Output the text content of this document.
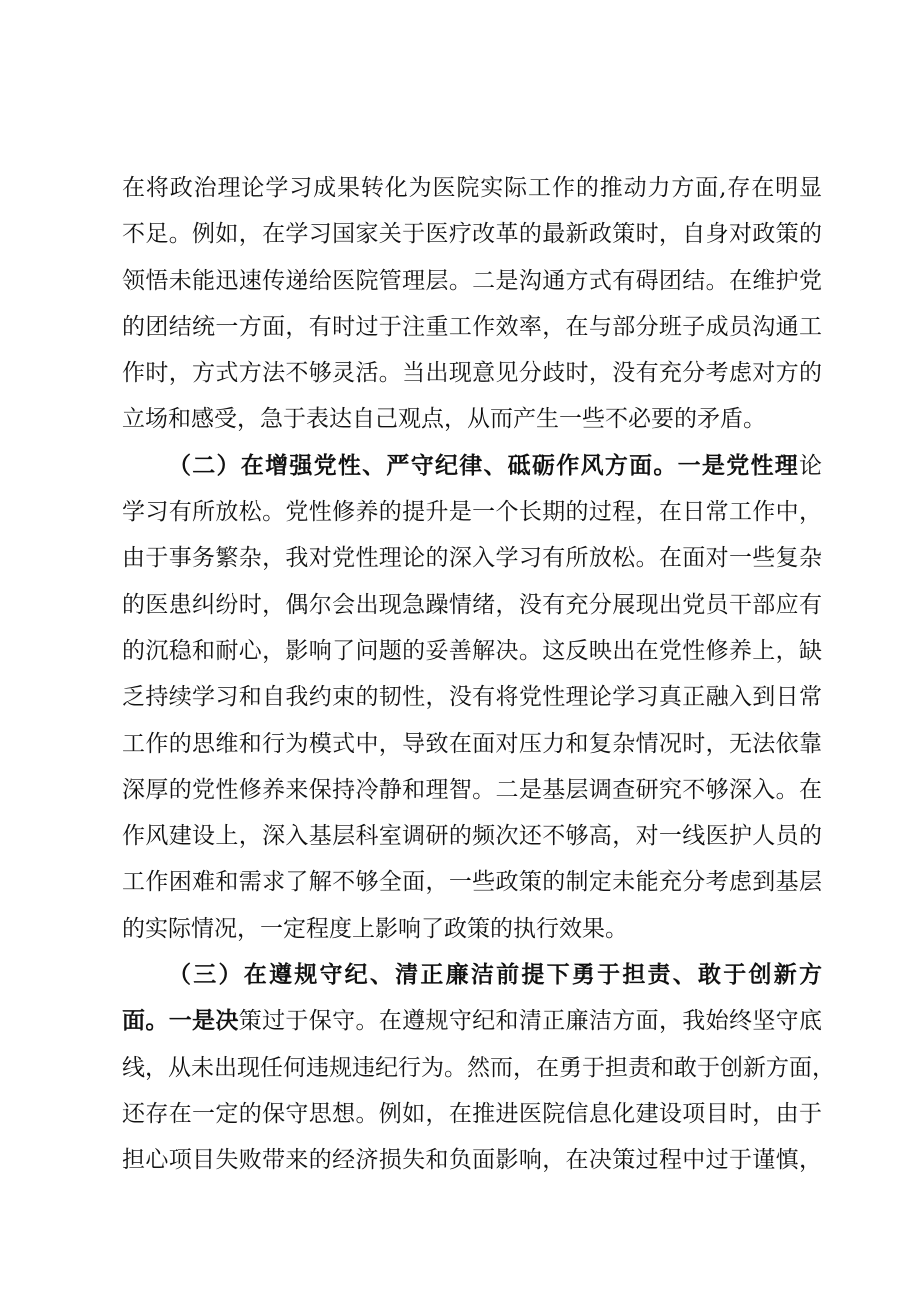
在将政治理论学习成果转化为医院实际工作的推动力方面,存在明显
不足。例如，在学习国家关于医疗改革的最新政策时，自身对政策的
领悟未能迅速传递给医院管理层。二是沟通方式有碍团结。在维护党
的团结统一方面，有时过于注重工作效率，在与部分班子成员沟通工
作时，方式方法不够灵活。当出现意见分歧时，没有充分考虑对方的
立场和感受，急于表达自己观点，从而产生一些不必要的矛盾。
（二）在增强党性、严守纪律、砥砺作风方面。一是党性理论
学习有所放松。党性修养的提升是一个长期的过程，在日常工作中，
由于事务繁杂，我对党性理论的深入学习有所放松。在面对一些复杂
的医患纠纷时，偶尔会出现急躁情绪，没有充分展现出党员干部应有
的沉稳和耐心，影响了问题的妥善解决。这反映出在党性修养上，缺
乏持续学习和自我约束的韧性，没有将党性理论学习真正融入到日常
工作的思维和行为模式中，导致在面对压力和复杂情况时，无法依靠
深厚的党性修养来保持冷静和理智。二是基层调查研究不够深入。在
作风建设上，深入基层科室调研的频次还不够高，对一线医护人员的
工作困难和需求了解不够全面，一些政策的制定未能充分考虑到基层
的实际情况，一定程度上影响了政策的执行效果。
（三）在遵规守纪、清正廉洁前提下勇于担责、敢于创新方
面。一是决策过于保守。在遵规守纪和清正廉洁方面，我始终坚守底
线，从未出现任何违规违纪行为。然而，在勇于担责和敢于创新方面，
还存在一定的保守思想。例如，在推进医院信息化建设项目时，由于
担心项目失败带来的经济损失和负面影响，在决策过程中过于谨慎，
